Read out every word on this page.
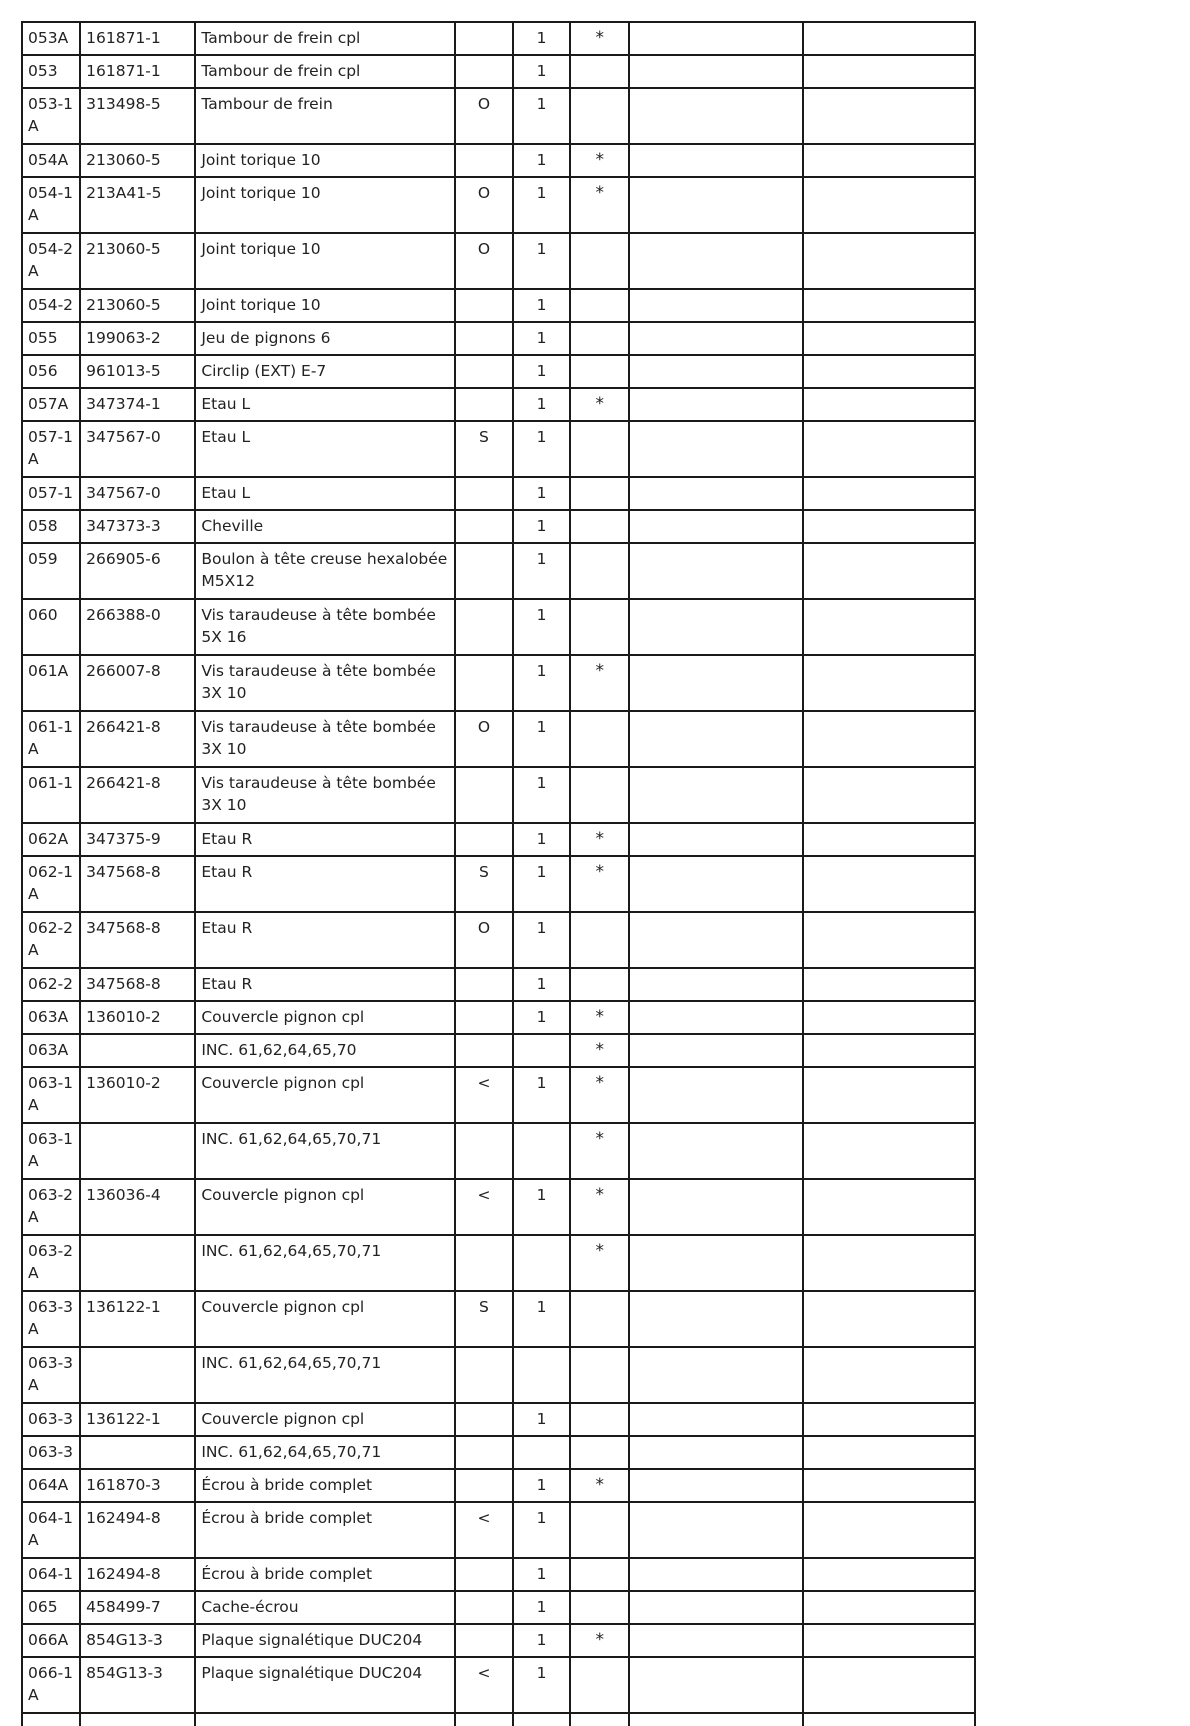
053A	161871-1	Tambour de frein cpl		1	*		
053	161871-1	Tambour de frein cpl		1			
053-1 A	313498-5	Tambour de frein	O	1			
054A	213060-5	Joint torique 10		1	*		
054-1 A	213A41-5	Joint torique 10	O	1	*		
054-2 A	213060-5	Joint torique 10	O	1			
054-2	213060-5	Joint torique 10		1			
055	199063-2	Jeu de pignons 6		1			
056	961013-5	Circlip (EXT) E-7		1			
057A	347374-1	Etau L		1	*		
057-1 A	347567-0	Etau L	S	1			
057-1	347567-0	Etau L		1			
058	347373-3	Cheville		1			
059	266905-6	Boulon à tête creuse hexalobée M5X12		1			
060	266388-0	Vis taraudeuse à tête bombée 5X 16		1			
061A	266007-8	Vis taraudeuse à tête bombée 3X 10		1	*		
061-1 A	266421-8	Vis taraudeuse à tête bombée 3X 10	O	1			
061-1	266421-8	Vis taraudeuse à tête bombée 3X 10		1			
062A	347375-9	Etau R		1	*		
062-1 A	347568-8	Etau R	S	1	*		
062-2 A	347568-8	Etau R	O	1			
062-2	347568-8	Etau R		1			
063A	136010-2	Couvercle pignon cpl		1	*		
063A		INC. 61,62,64,65,70			*		
063-1 A	136010-2	Couvercle pignon cpl	<	1	*		
063-1 A		INC. 61,62,64,65,70,71			*		
063-2 A	136036-4	Couvercle pignon cpl	<	1	*		
063-2 A		INC. 61,62,64,65,70,71			*		
063-3 A	136122-1	Couvercle pignon cpl	S	1			
063-3 A		INC. 61,62,64,65,70,71					
063-3	136122-1	Couvercle pignon cpl		1			
063-3		INC. 61,62,64,65,70,71					
064A	161870-3	Écrou à bride complet		1	*		
064-1 A	162494-8	Écrou à bride complet	<	1			
064-1	162494-8	Écrou à bride complet		1			
065	458499-7	Cache-écrou		1			
066A	854G13-3	Plaque signalétique DUC204		1	*		
066-1 A	854G13-3	Plaque signalétique DUC204	<	1			
